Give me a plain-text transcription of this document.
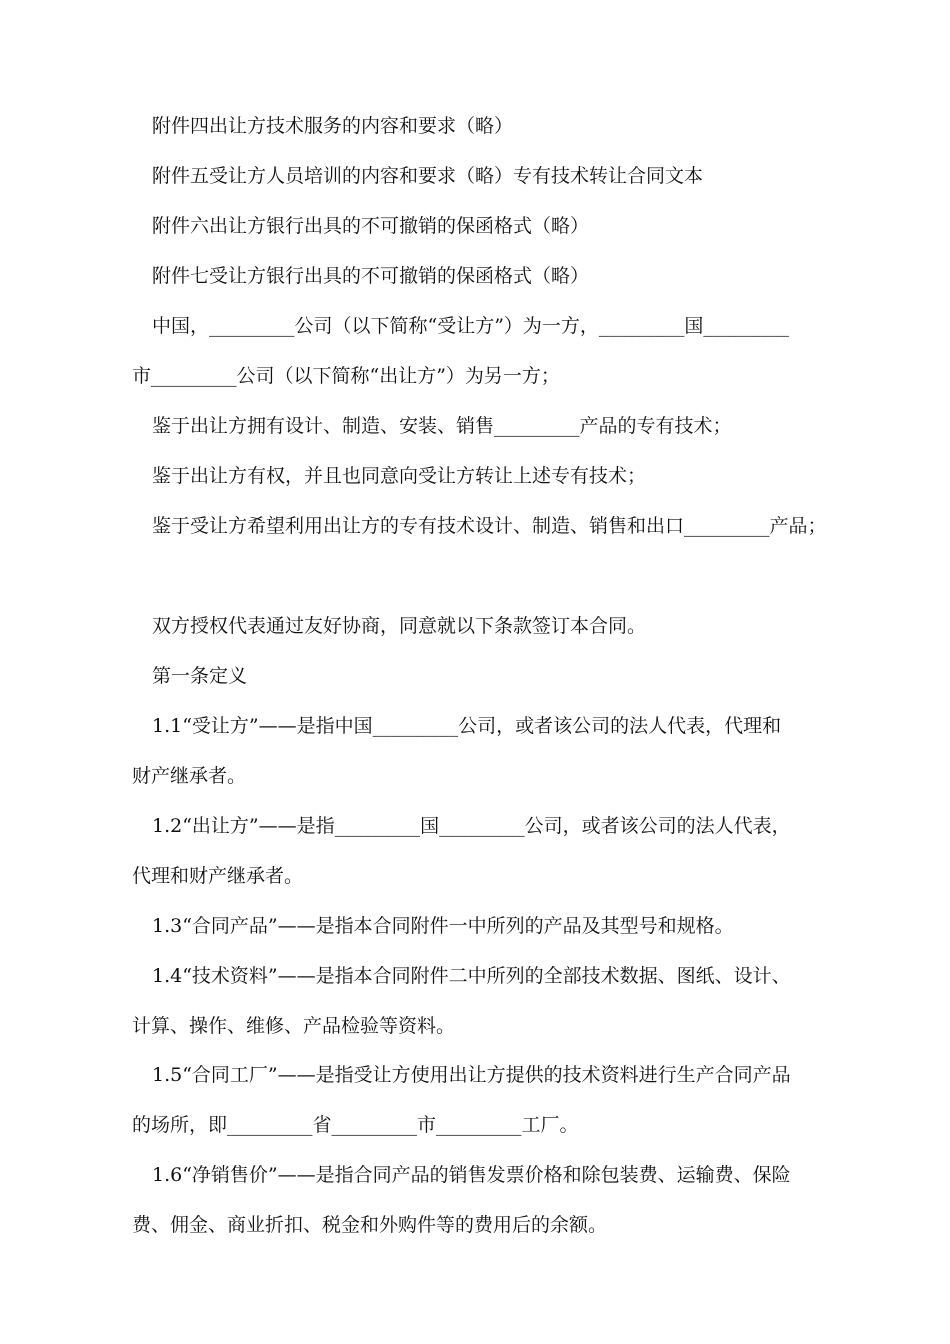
附件四出让方技术服务的内容和要求（略）

附件五受让方人员培训的内容和要求（略）专有技术转让合同文本

附件六出让方银行出具的不可撤销的保函格式（略）

附件七受让方银行出具的不可撤销的保函格式（略）

中国，_________公司（以下简称“受让方”）为一方，_________国_________

市_________公司（以下简称“出让方”）为另一方；

鉴于出让方拥有设计、制造、安装、销售_________产品的专有技术；

鉴于出让方有权，并且也同意向受让方转让上述专有技术；

鉴于受让方希望利用出让方的专有技术设计、制造、销售和出口_________产品；

双方授权代表通过友好协商，同意就以下条款签订本合同。

第一条定义

1.1“受让方”——是指中国_________公司，或者该公司的法人代表，代理和

财产继承者。

1.2“出让方”——是指_________国_________公司，或者该公司的法人代表，

代理和财产继承者。

1.3“合同产品”——是指本合同附件一中所列的产品及其型号和规格。

1.4“技术资料”——是指本合同附件二中所列的全部技术数据、图纸、设计、

计算、操作、维修、产品检验等资料。

1.5“合同工厂”——是指受让方使用出让方提供的技术资料进行生产合同产品

的场所，即_________省_________市_________工厂。

1.6“净销售价”——是指合同产品的销售发票价格和除包装费、运输费、保险

费、佣金、商业折扣、税金和外购件等的费用后的余额。
